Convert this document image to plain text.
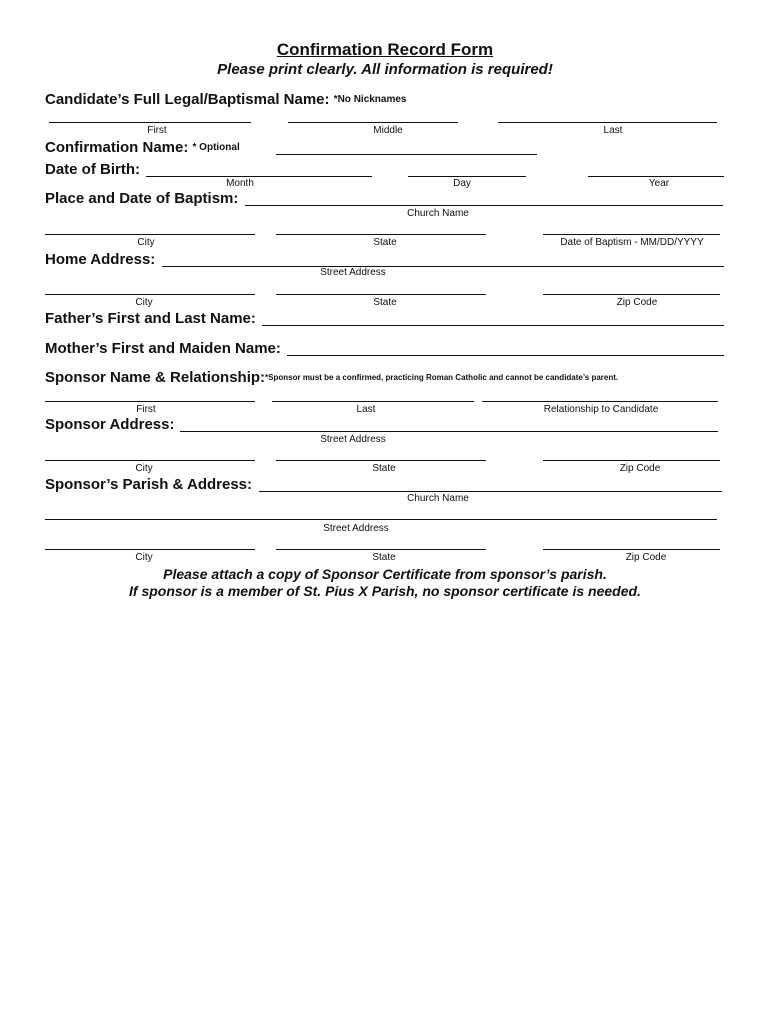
Confirmation Record Form
Please print clearly. All information is required!
Candidate’s Full Legal/Baptismal Name: *No Nicknames
First	Middle	Last
Confirmation Name: * Optional
Date of Birth:
Month	Day	Year
Place and Date of Baptism:
Church Name
City	State	Date of Baptism - MM/DD/YYYY
Home Address:
Street Address
City	State	Zip Code
Father’s First and Last Name:
Mother’s First and Maiden Name:
Sponsor Name & Relationship:*Sponsor must be a confirmed, practicing Roman Catholic and cannot be candidate’s parent.
First	Last	Relationship to Candidate
Sponsor Address:
Street Address
City	State	Zip Code
Sponsor’s Parish & Address:
Church Name
Street Address
City	State	Zip Code
Please attach a copy of Sponsor Certificate from sponsor’s parish.
If sponsor is a member of St. Pius X Parish, no sponsor certificate is needed.
